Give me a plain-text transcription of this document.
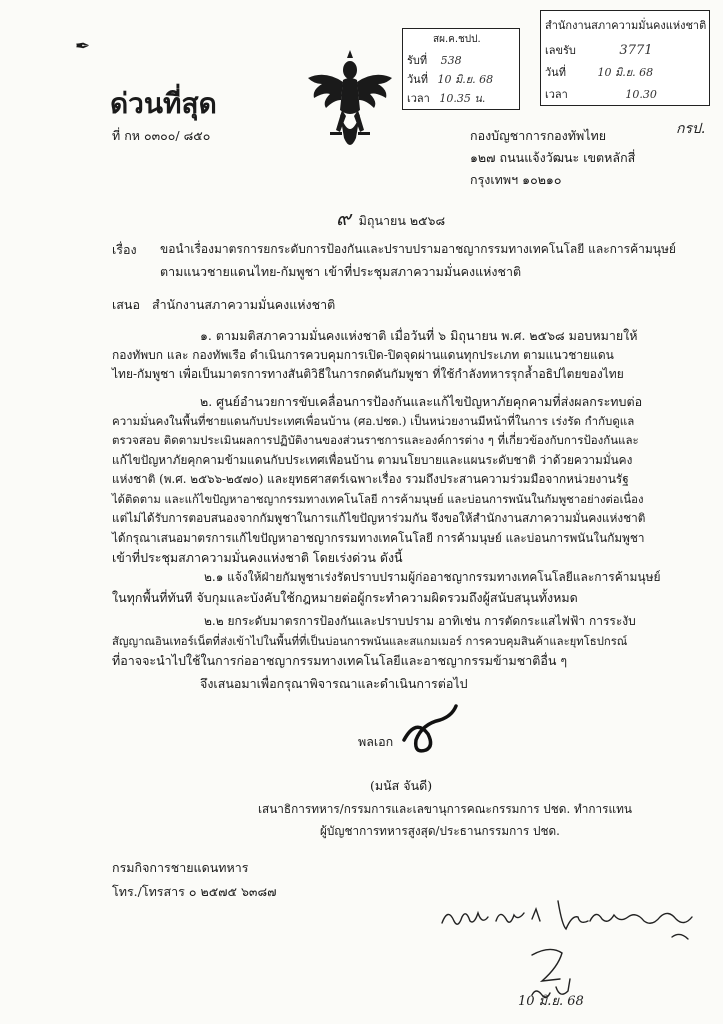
✒
ด่วนที่สุด
ที่ กห ๐๓๐๐/ ๘๕๐
สผ.ค.ชปป.
รับที่ 538
วันที่ 10 มิ.ย. 68
เวลา 10.35 น.
สำนักงานสภาความมั่นคงแห่งชาติ
เลขรับ	3771
วันที่	10 มิ.ย. 68
เวลา	10.30
กรป.
กองบัญชาการกองทัพไทย
๑๒๗ ถนนแจ้งวัฒนะ เขตหลักสี่
กรุงเทพฯ ๑๐๒๑๐
๙ มิถุนายน ๒๕๖๘
เรื่อง ขอนำเรื่องมาตรการยกระดับการป้องกันและปราบปรามอาชญากรรมทางเทคโนโลยี และการค้ามนุษย์
ตามแนวชายแดนไทย-กัมพูชา เข้าที่ประชุมสภาความมั่นคงแห่งชาติ
เสนอ สำนักงานสภาความมั่นคงแห่งชาติ
๑. ตามมติสภาความมั่นคงแห่งชาติ เมื่อวันที่ ๖ มิถุนายน พ.ศ. ๒๕๖๘ มอบหมายให้
กองทัพบก และ กองทัพเรือ ดำเนินการควบคุมการเปิด-ปิดจุดผ่านแดนทุกประเภท ตามแนวชายแดน
ไทย-กัมพูชา เพื่อเป็นมาตรการทางสันติวิธีในการกดดันกัมพูชา ที่ใช้กำลังทหารรุกล้ำอธิปไตยของไทย
๒. ศูนย์อำนวยการขับเคลื่อนการป้องกันและแก้ไขปัญหาภัยคุกคามที่ส่งผลกระทบต่อ
ความมั่นคงในพื้นที่ชายแดนกับประเทศเพื่อนบ้าน (ศอ.ปชด.) เป็นหน่วยงานมีหน้าที่ในการ เร่งรัด กำกับดูแล
ตรวจสอบ ติดตามประเมินผลการปฏิบัติงานของส่วนราชการและองค์การต่าง ๆ ที่เกี่ยวข้องกับการป้องกันและ
แก้ไขปัญหาภัยคุกคามข้ามแดนกับประเทศเพื่อนบ้าน ตามนโยบายและแผนระดับชาติ ว่าด้วยความมั่นคง
แห่งชาติ (พ.ศ. ๒๕๖๖-๒๕๗๐) และยุทธศาสตร์เฉพาะเรื่อง รวมถึงประสานความร่วมมือจากหน่วยงานรัฐ
ได้ติดตาม และแก้ไขปัญหาอาชญากรรมทางเทคโนโลยี การค้ามนุษย์ และบ่อนการพนันในกัมพูชาอย่างต่อเนื่อง
แต่ไม่ได้รับการตอบสนองจากกัมพูชาในการแก้ไขปัญหาร่วมกัน จึงขอให้สำนักงานสภาความมั่นคงแห่งชาติ
ได้กรุณาเสนอมาตรการแก้ไขปัญหาอาชญากรรมทางเทคโนโลยี การค้ามนุษย์ และบ่อนการพนันในกัมพูชา
เข้าที่ประชุมสภาความมั่นคงแห่งชาติ โดยเร่งด่วน ดังนี้
๒.๑ แจ้งให้ฝ่ายกัมพูชาเร่งรัดปราบปรามผู้ก่ออาชญากรรมทางเทคโนโลยีและการค้ามนุษย์
ในทุกพื้นที่ทันที จับกุมและบังคับใช้กฎหมายต่อผู้กระทำความผิดรวมถึงผู้สนับสนุนทั้งหมด
๒.๒ ยกระดับมาตรการป้องกันและปราบปราม อาทิเช่น การตัดกระแสไฟฟ้า การระงับ
สัญญาณอินเทอร์เน็ตที่ส่งเข้าไปในพื้นที่ที่เป็นบ่อนการพนันและสแกมเมอร์ การควบคุมสินค้าและยุทโธปกรณ์
ที่อาจจะนำไปใช้ในการก่ออาชญากรรมทางเทคโนโลยีและอาชญากรรมข้ามชาติอื่น ๆ
จึงเสนอมาเพื่อกรุณาพิจารณาและดำเนินการต่อไป
พลเอก
(มนัส จันดี)
เสนาธิการทหาร/กรรมการและเลขานุการคณะกรรมการ ปชด. ทำการแทน
ผู้บัญชาการทหารสูงสุด/ประธานกรรมการ ปชด.
กรมกิจการชายแดนทหาร
โทร./โทรสาร ๐ ๒๕๗๕ ๖๓๘๗
10 มิ.ย. 68
